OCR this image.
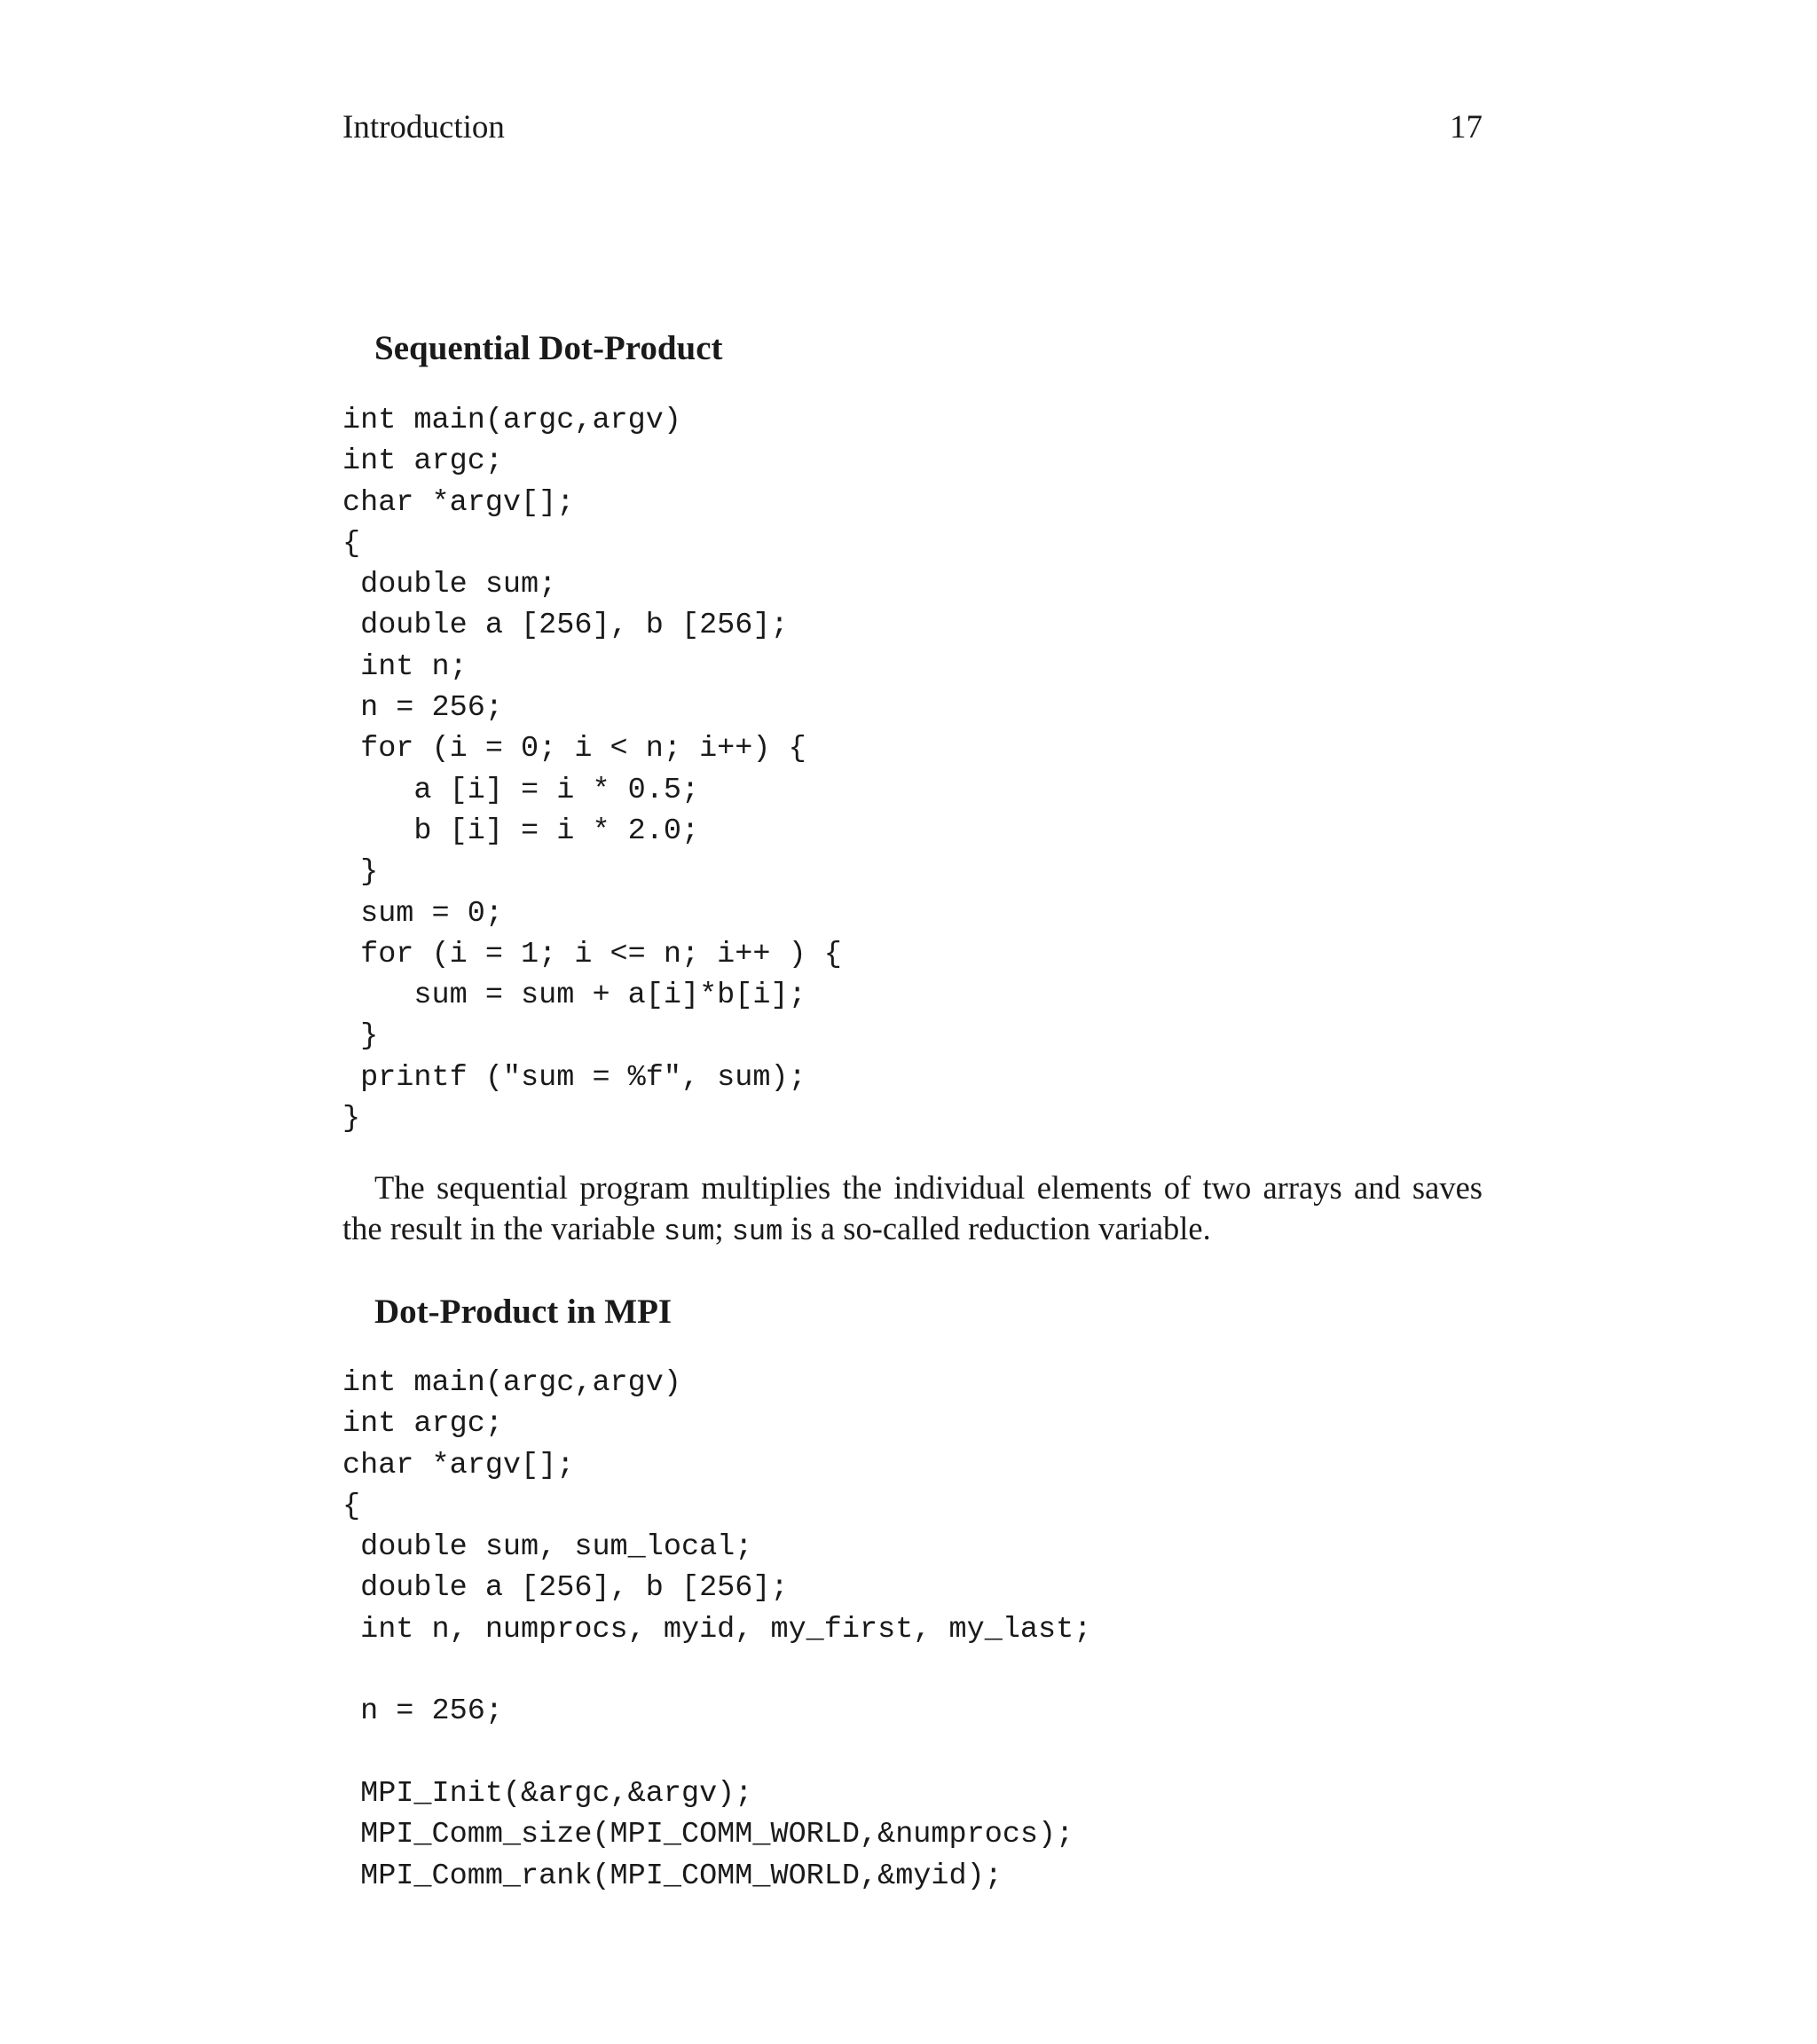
Introduction	17
Sequential Dot-Product
int main(argc,argv)
int argc;
char *argv[];
{
double sum;
double a [256], b [256];
int n;
n = 256;
for (i = 0; i < n; i++) {
a [i] = i * 0.5;
b [i] = i * 2.0;
}
sum = 0;
for (i = 1; i <= n; i++ ) {
sum = sum + a[i]*b[i];
}
printf ("sum = %f", sum);
}

The sequential program multiplies the individual elements of two arrays and saves the result in the variable sum; sum is a so-called reduction variable.

Dot-Product in MPI
int main(argc,argv)
int argc;
char *argv[];
{
double sum, sum_local;
double a [256], b [256];
int n, numprocs, myid, my_first, my_last;
n = 256;
MPI_Init(&argc,&argv);
MPI_Comm_size(MPI_COMM_WORLD,&numprocs);
MPI_Comm_rank(MPI_COMM_WORLD,&myid);
